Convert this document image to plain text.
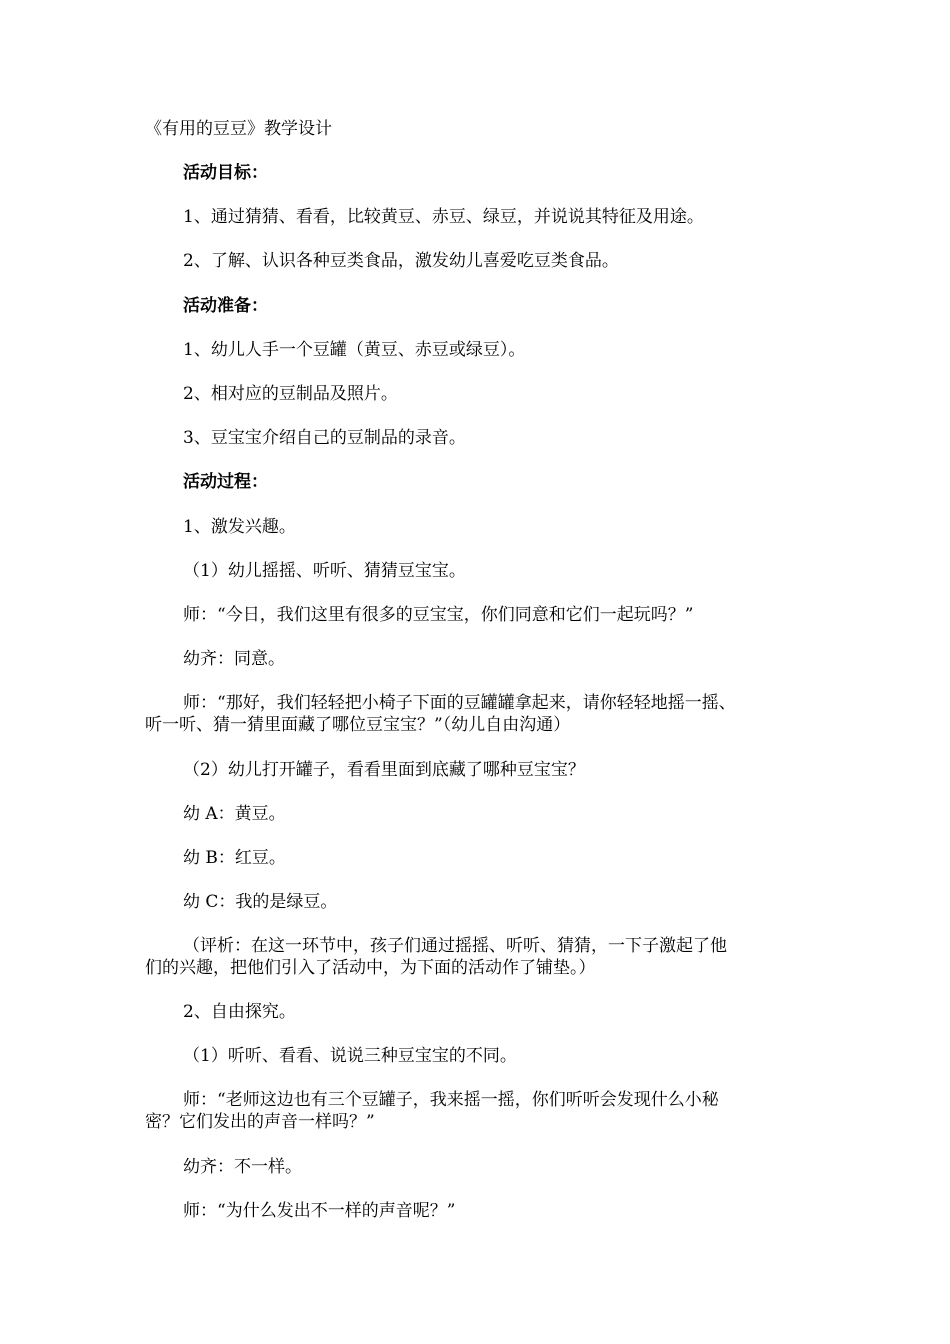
《有用的豆豆》教学设计
活动目标：
1、通过猜猜、看看，比较黄豆、赤豆、绿豆，并说说其特征及用途。
2、了解、认识各种豆类食品，激发幼儿喜爱吃豆类食品。
活动准备：
1、幼儿人手一个豆罐（黄豆、赤豆或绿豆）。
2、相对应的豆制品及照片。
3、豆宝宝介绍自己的豆制品的录音。
活动过程：
1、激发兴趣。
（1）幼儿摇摇、听听、猜猜豆宝宝。
师：“今日，我们这里有很多的豆宝宝，你们同意和它们一起玩吗？”
幼齐：同意。
师：“那好，我们轻轻把小椅子下面的豆罐罐拿起来，请你轻轻地摇一摇、
听一听、猜一猜里面藏了哪位豆宝宝？”（幼儿自由沟通）
（2）幼儿打开罐子，看看里面到底藏了哪种豆宝宝？
幼 A：黄豆。
幼 B：红豆。
幼 C：我的是绿豆。
（评析：在这一环节中，孩子们通过摇摇、听听、猜猜，一下子激起了他
们的兴趣，把他们引入了活动中，为下面的活动作了铺垫。）
2、自由探究。
（1）听听、看看、说说三种豆宝宝的不同。
师：“老师这边也有三个豆罐子，我来摇一摇，你们听听会发现什么小秘
密？它们发出的声音一样吗？”
幼齐：不一样。
师：“为什么发出不一样的声音呢？”
